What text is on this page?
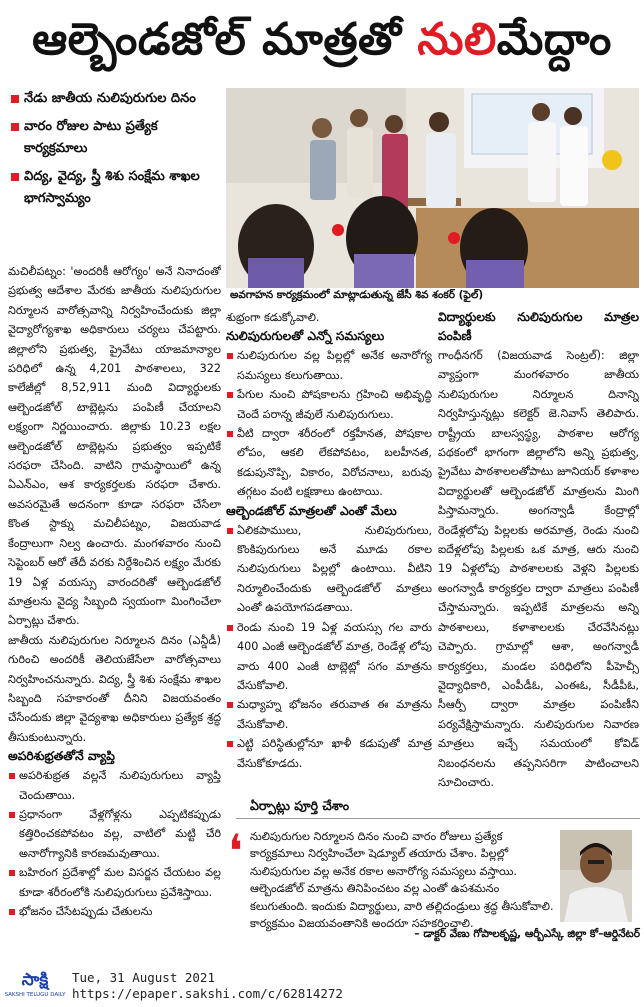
ఆల్బెండజోల్ మాత్రతో నులిమేద్దాం
నేడు జాతీయ నులిపురుగుల దినం
వారం రోజుల పాటు ప్రత్యేక కార్యక్రమాలు
విద్య, వైద్య, స్త్రీ శిశు సంక్షేమ శాఖల భాగస్వామ్యం
అవగాహన కార్యక్రమంలో మాట్లాడుతున్న జేసీ శివ శంకర్ (ఫైల్)

మచిలీపట్నం: 'అందరికీ ఆరోగ్యం' అనే నినాదంతో ప్రభుత్వ ఆదేశాల మేరకు జాతీయ నులిపురుగుల నిర్మూలన వారోత్సవాన్ని నిర్వహించేందుకు జిల్లా వైద్యారోగ్యశాఖ అధికారులు చర్యలు చేపట్టారు. జిల్లాలోని ప్రభుత్వ, ప్రైవేటు యాజమాన్యాల పరిధిలో ఉన్న 4,201 పాఠశాలలు, 322 కాలేజీల్లో 8,52,911 మంది విద్యార్థులకు ఆల్బెండజోల్ టాబ్లెట్లను పంపిణీ చేయాలని లక్ష్యంగా నిర్ణయించారు. జిల్లాకు 10.23 లక్షల ఆల్బెండజోల్ టాబ్లెట్లను ప్రభుత్వం ఇప్పటికే సరఫరా చేసింది. వాటిని గ్రామస్థాయిలో ఉన్న ఏఎన్ఎం, ఆశ కార్యకర్తలకు సరఫరా చేశారు. అవసరమైతే అదనంగా కూడా సరఫరా చేసేలా కొంత స్టాక్ను మచిలీపట్నం, విజయవాడ కేంద్రాలుగా నిల్వ ఉంచారు. మంగళవారం నుంచి సెప్టెంబర్ ఆరో తేదీ వరకు నిర్దేశించిన లక్ష్యం మేరకు 19 ఏళ్ల వయస్సు వారందరితో ఆల్బెండజోల్ మాత్రలను వైద్య సిబ్బంది స్వయంగా మింగించేలా ఏర్పాట్లు చేశారు.

జాతీయ నులిపురుగుల నిర్మూలన దినం (ఎన్డీడీ) గురించి అందరికీ తెలియజేసేలా వారోత్సవాలు నిర్వహించనున్నారు. విద్య, స్త్రీ శిశు సంక్షేమ శాఖల సిబ్బంది సహకారంతో దీనిని విజయవంతం చేసేందుకు జిల్లా వైద్యశాఖ అధికారులు ప్రత్యేక శ్రద్ధ తీసుకుంటున్నారు.

అపరిశుభ్రతతోనే వ్యాప్తి

అపరిశుభ్రత వల్లనే నులిపురుగులు వ్యాప్తి చెందుతాయి.

ప్రధానంగా వేళ్లగోళ్లను ఎప్పటికప్పుడు కత్తిరించకపోవటం వల్ల, వాటిలో మట్టి చేరి అనారోగ్యానికి కారణమవుతాయి.

బహిరంగ ప్రదేశాల్లో మల విసర్జన చేయటం వల్ల కూడా శరీరంలోకి నులిపురుగులు ప్రవేశిస్తాయి.

భోజనం చేసేటప్పుడు చేతులను

శుభ్రంగా కడుక్కోవాలి.

నులిపురుగులతో ఎన్నో సమస్యలు

నులిపురుగుల వల్ల పిల్లల్లో అనేక అనారోగ్య సమస్యలు కలుగుతాయి.

పేగుల నుంచి పోషకాలను గ్రహించి అభివృద్ధి చెందే పరాన్న జీవులే నులిపురుగులు.

వీటి ద్వారా శరీరంలో రక్తహీనత, పోషకాల లోపం, ఆకలి లేకపోవటం, బలహీనత, కడుపునొప్పి, వికారం, విరోచనాలు, బరువు తగ్గటం వంటి లక్షణాలు ఉంటాయి.

ఆల్బెండజోల్ మాత్రలతో ఎంతో మేలు

ఏలికపాములు, నులిపురుగులు, కొంకిపురుగులు అనే మూడు రకాల నులిపురుగులు పిల్లల్లో ఉంటాయి. వీటిని నిర్మూలించేందుకు ఆల్బెండజోల్ మాత్రలు ఎంతో ఉపయోగపడతాయి.

రెండు నుంచి 19 ఏళ్ల వయస్సు గల వారు 400 ఎంజీ ఆల్బెండజోల్ మాత్ర, రెండేళ్ల లోపు వారు 400 ఎంజీ టాబ్లెట్లో సగం మాత్రను వేసుకోవాలి.

మధ్యాహ్న భోజనం తరువాత ఈ మాత్రను వేసుకోవాలి.

ఎట్టి పరిస్థితుల్లోనూ ఖాళీ కడుపుతో మాత్ర వేసుకోకూడదు.

విద్యార్థులకు నులిపురుగుల మాత్రల పంపిణీ

గాంధీనగర్ (విజయవాడ సెంట్రల్): జిల్లా వ్యాప్తంగా మంగళవారం జాతీయ నులిపురుగుల నిర్మూలన దినాన్ని నిర్వహిస్తున్నట్లు కలెక్టర్ జె.నివాస్ తెలిపారు. రాష్ట్రీయ బాలస్వస్థ్య, పాఠశాల ఆరోగ్య పథకంలో భాగంగా జిల్లాలోని అన్ని ప్రభుత్వ, ప్రైవేటు పాఠశాలలతోపాటు జూనియర్ కళాశాల విద్యార్థులతో ఆల్బెండజోల్ మాత్రలను మింగి పిస్తామన్నారు. అంగన్వాడీ కేంద్రాల్లో రెండేళ్లలోపు పిల్లలకు అరమాత్ర, రెండు నుంచి ఐదేళ్లలోపు పిల్లలకు ఒక మాత్ర, ఆరు నుంచి 19 ఏళ్లలోపు పాఠశాలలకు వెళ్లని పిల్లలకు అంగన్వాడీ కార్యకర్తల ద్వారా మాత్రలు పంపిణీ చేస్తామన్నారు. ఇప్పటికే మాత్రలను అన్ని పాఠశాలలు, కళాశాలలకు చేరవేసినట్లు చెప్పారు. గ్రామాల్లో ఆశా, అంగన్వాడీ కార్యకర్తలు, మండల పరిధిలోని పీహెచ్సీ వైద్యాధికారి, ఎంపీడీఓ, ఎంఈఓ, సీడీపీఓ, సీఆర్పీ ద్వారా మాత్రల పంపిణీని పర్యవేక్షిస్తామన్నారు. నులిపురుగుల నివారణ మాత్రలు ఇచ్చే సమయంలో కోవిడ్ నిబంధనలను తప్పనిసరిగా పాటించాలని సూచించారు.

ఏర్పాట్లు పూర్తి చేశాం
❛ నులిపురుగుల నిర్మూలన దినం నుంచి వారం రోజులు ప్రత్యేక కార్యక్రమాలు నిర్వహించేలా షెడ్యూల్ తయారు చేశాం. పిల్లల్లో నులిపురుగుల వల్ల అనేక రకాల అనారోగ్య సమస్యలు వస్తాయి. ఆల్బెండజోల్ మాత్రను తినిపించటం వల్ల ఎంతో ఉపశమనం కలుగుతుంది. ఇందుకు విద్యార్థులు, వారి తల్లిదండ్రులు శ్రద్ధ తీసుకోవాలి. కార్యక్రమం విజయవంతానికి అందరూ సహకరించాలి.
– డాక్టర్ వేణు గోపాలకృష్ణ, ఆర్బీఎస్కే జిల్లా కో–ఆర్డినేటర్
సాక్షి
SAKSHI TELUGU DAILY
Tue, 31 August 2021
https://epaper.sakshi.com/c/62814272
